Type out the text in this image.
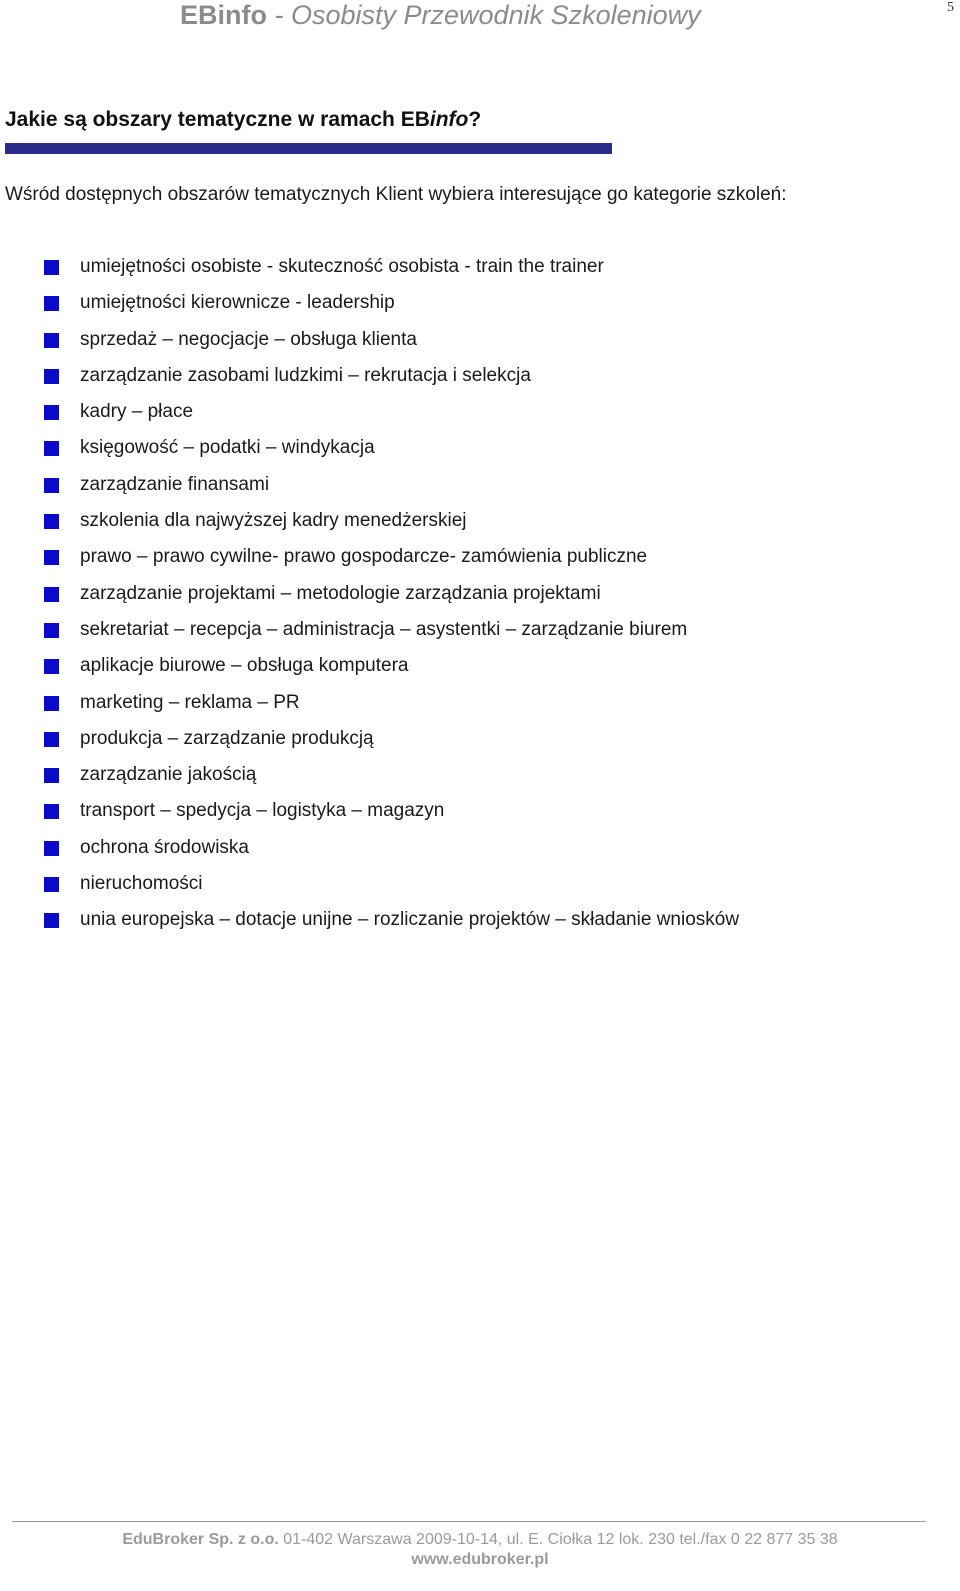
EBinfo - Osobisty Przewodnik Szkoleniowy	5
Jakie są obszary tematyczne w ramach EBinfo?
Wśród dostępnych obszarów tematycznych Klient wybiera interesujące go kategorie szkoleń:
umiejętności osobiste - skuteczność osobista - train the trainer
umiejętności kierownicze - leadership
sprzedaż – negocjacje – obsługa klienta
zarządzanie zasobami ludzkimi – rekrutacja i selekcja
kadry – płace
księgowość – podatki – windykacja
zarządzanie finansami
szkolenia dla najwyższej kadry menedżerskiej
prawo – prawo cywilne- prawo gospodarcze- zamówienia publiczne
zarządzanie projektami – metodologie zarządzania projektami
sekretariat – recepcja – administracja – asystentki – zarządzanie biurem
aplikacje biurowe – obsługa komputera
marketing – reklama – PR
produkcja – zarządzanie produkcją
zarządzanie jakością
transport – spedycja – logistyka – magazyn
ochrona środowiska
nieruchomości
unia europejska – dotacje unijne – rozliczanie projektów – składanie wniosków
EduBroker Sp. z o.o. 01-402 Warszawa 2009-10-14, ul. E. Ciołka 12 lok. 230 tel./fax 0 22 877 35 38
www.edubroker.pl
